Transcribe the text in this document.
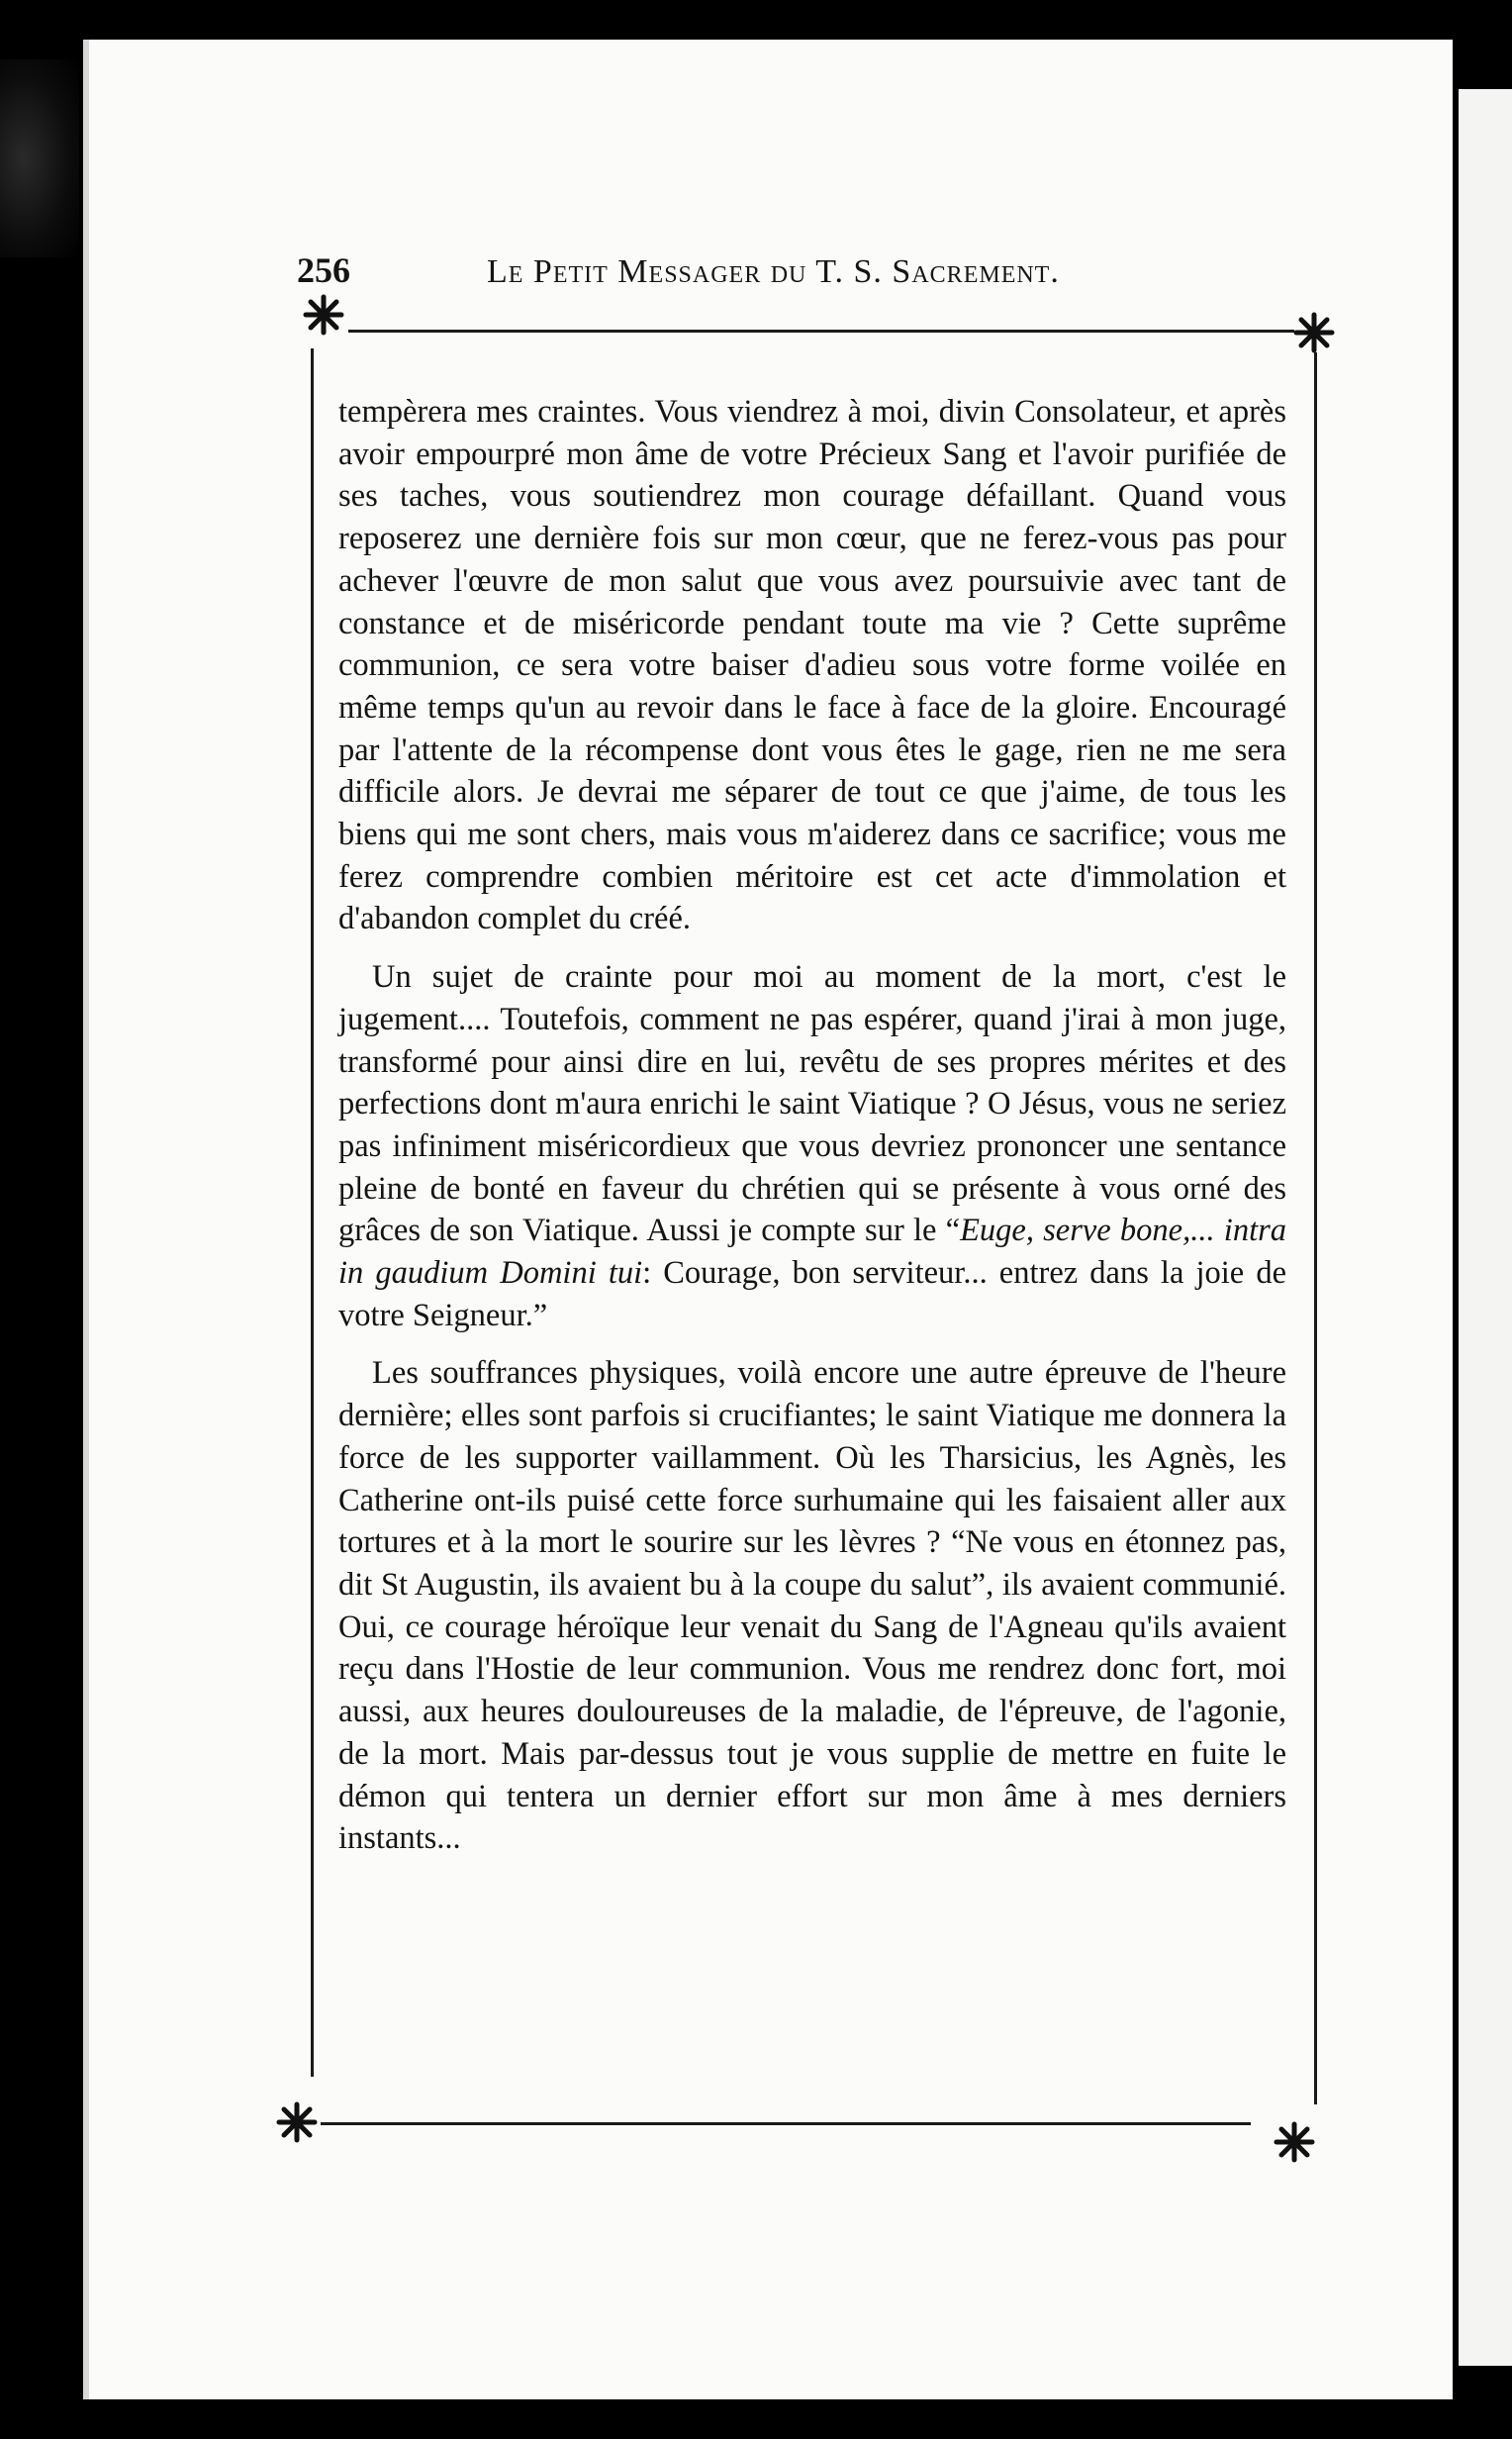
256	Le Petit Messager du T. S. Sacrement.

tempèrera mes craintes. Vous viendrez à moi, divin Consolateur, et après avoir empourpré mon âme de votre Précieux Sang et l'avoir purifiée de ses taches, vous soutiendrez mon courage défaillant. Quand vous reposerez une dernière fois sur mon cœur, que ne ferez-vous pas pour achever l'œuvre de mon salut que vous avez poursuivie avec tant de constance et de miséricorde pendant toute ma vie ? Cette suprême communion, ce sera votre baiser d'adieu sous votre forme voilée en même temps qu'un au revoir dans le face à face de la gloire. Encouragé par l'attente de la récompense dont vous êtes le gage, rien ne me sera difficile alors. Je devrai me séparer de tout ce que j'aime, de tous les biens qui me sont chers, mais vous m'aiderez dans ce sacrifice; vous me ferez comprendre combien méritoire est cet acte d'immolation et d'abandon complet du créé.

Un sujet de crainte pour moi au moment de la mort, c'est le jugement.... Toutefois, comment ne pas espérer, quand j'irai à mon juge, transformé pour ainsi dire en lui, revêtu de ses propres mérites et des perfections dont m'aura enrichi le saint Viatique ? O Jésus, vous ne seriez pas infiniment miséricordieux que vous devriez prononcer une sentance pleine de bonté en faveur du chrétien qui se présente à vous orné des grâces de son Viatique. Aussi je compte sur le “Euge, serve bone,... intra in gaudium Domini tui: Courage, bon serviteur... entrez dans la joie de votre Seigneur.”

Les souffrances physiques, voilà encore une autre épreuve de l'heure dernière; elles sont parfois si crucifiantes; le saint Viatique me donnera la force de les supporter vaillamment. Où les Tharsicius, les Agnès, les Catherine ont-ils puisé cette force surhumaine qui les faisaient aller aux tortures et à la mort le sourire sur les lèvres ? “Ne vous en étonnez pas, dit St Augustin, ils avaient bu à la coupe du salut”, ils avaient communié. Oui, ce courage héroïque leur venait du Sang de l'Agneau qu'ils avaient reçu dans l'Hostie de leur communion. Vous me rendrez donc fort, moi aussi, aux heures douloureuses de la maladie, de l'épreuve, de l'agonie, de la mort. Mais par-dessus tout je vous supplie de mettre en fuite le démon qui tentera un dernier effort sur mon âme à mes derniers instants...
